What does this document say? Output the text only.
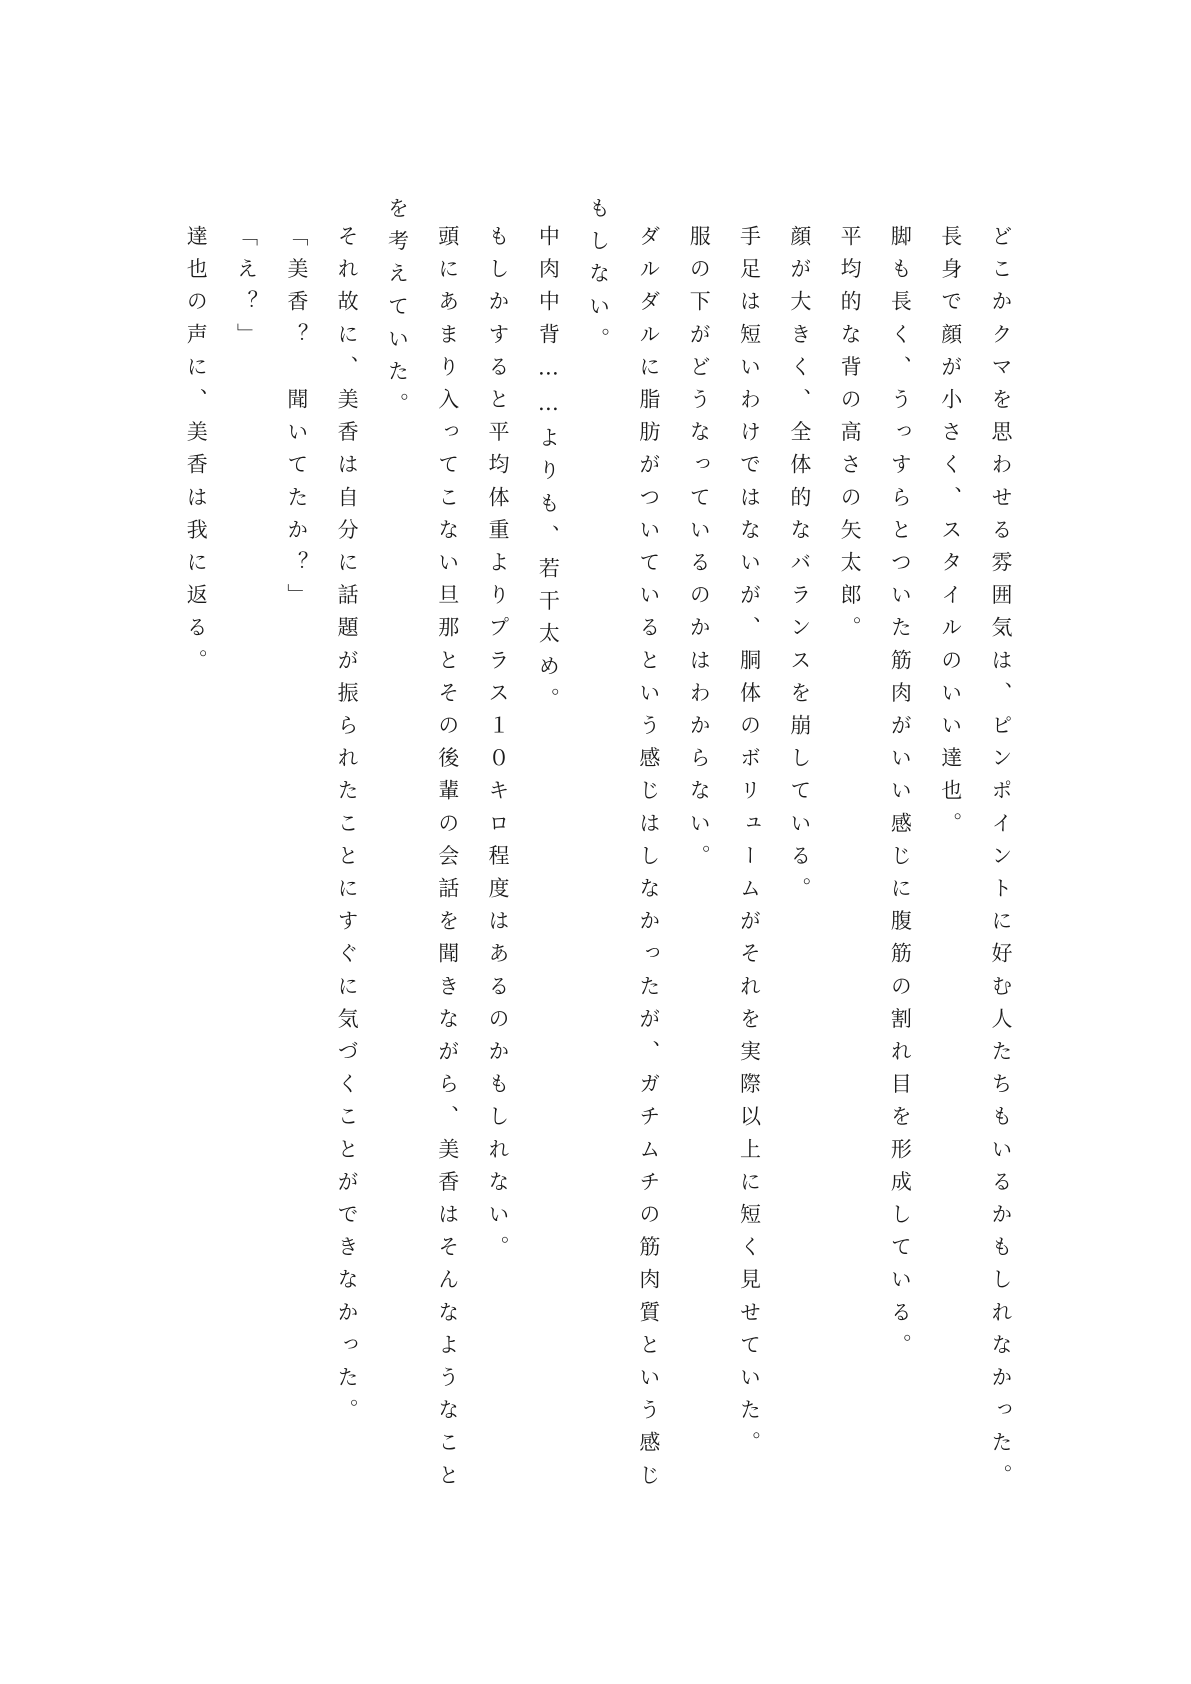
どこかクマを思わせる雰囲気は、ピンポイントに好む人たちもいるかもしれなかった。

長身で顔が小さく、スタイルのいい達也。

脚も長く、うっすらとついた筋肉がいい感じに腹筋の割れ目を形成している。

平均的な背の高さの矢太郎。

顔が大きく、全体的なバランスを崩している。

手足は短いわけではないが、胴体のボリュームがそれを実際以上に短く見せていた。

服の下がどうなっているのかはわからない。

ダルダルに脂肪がついているという感じはしなかったが、ガチムチの筋肉質という感じ

もしない。

中肉中背……よりも、若干太め。

もしかすると平均体重よりプラス１０キロ程度はあるのかもしれない。

頭にあまり入ってこない旦那とその後輩の会話を聞きながら、美香はそんなようなこと

を考えていた。

それ故に、美香は自分に話題が振られたことにすぐに気づくことができなかった。

「美香？　聞いてたか？」

「え？」

達也の声に、美香は我に返る。
